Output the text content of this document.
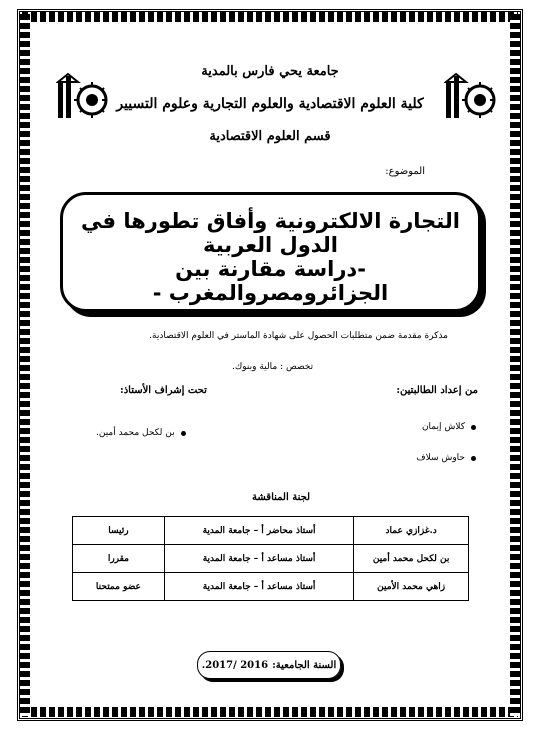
جامعة يحي فارس بالمدية
كلية العلوم الاقتصادية والعلوم التجارية وعلوم التسيير
قسم العلوم الاقتصادية
الموضوع:
التجارة الالكترونية وأفاق تطورها في الدول العربية
-دراسة مقارنة بين الجزائرومصروالمغرب -
مذكرة مقدمة ضمن متطلبات الحصول على شهادة الماستر في العلوم الاقتصادية.
تخصص : مالية وبنوك.
من إعداد الطالبتين:
كلاش إيمان
حاوش سلاف
تحت إشراف الأستاذ:
بن لكحل محمد أمين.
لجنة المناقشة
د.غزازي عماد	أستاذ محاضر أ – جامعة المدية	رئيسا
بن لكحل محمد أمين	أستاذ مساعد أ – جامعة المدية	مقررا
زاهي محمد الأمين	أستاذ مساعد أ – جامعة المدية	عضو ممتحنا
السنة الجامعية:
2016 /2017.
